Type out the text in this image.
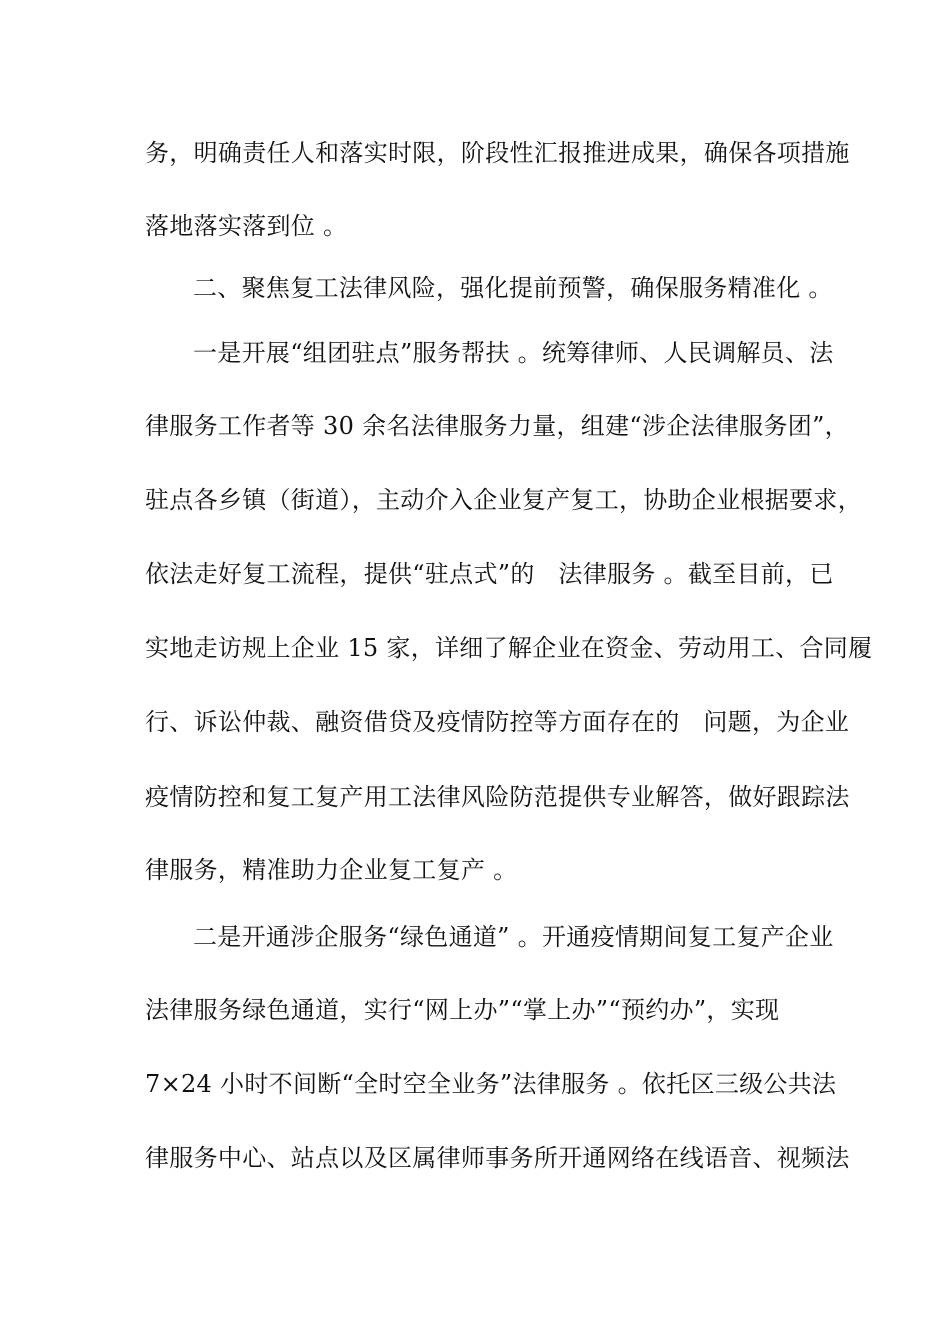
务，明确责任人和落实时限，阶段性汇报推进成果，确保各项措施
落地落实落到位 。
二、聚焦复工法律风险，强化提前预警，确保服务精准化 。
一是开展“组团驻点”服务帮扶 。统筹律师、人民调解员、法
律服务工作者等 30 余名法律服务力量，组建“涉企法律服务团”，
驻点各乡镇（街道），主动介入企业复产复工，协助企业根据要求，
依法走好复工流程，提供“驻点式”的   法律服务 。截至目前，已
实地走访规上企业 15 家，详细了解企业在资金、劳动用工、合同履
行、诉讼仲裁、融资借贷及疫情防控等方面存在的   问题，为企业
疫情防控和复工复产用工法律风险防范提供专业解答，做好跟踪法
律服务，精准助力企业复工复产 。
二是开通涉企服务“绿色通道” 。开通疫情期间复工复产企业
法律服务绿色通道，实行“网上办”“掌上办”“预约办”，实现
7×24 小时不间断“全时空全业务”法律服务 。依托区三级公共法
律服务中心、站点以及区属律师事务所开通网络在线语音、视频法
